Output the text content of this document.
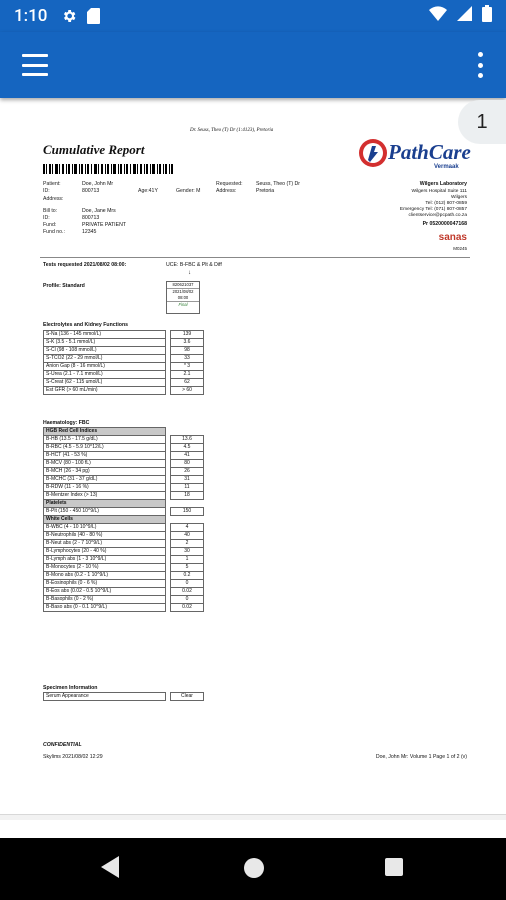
1:10
1
Dr. Seuss, Theo (T) Dr (1:4123), Pretoria
Cumulative Report	PathCare
Vermaak
Patient:	Doe, John Mr
ID:	800713	Age:41Y	Gender: M
Address:
Requested:	Seuss, Theo (T) Dr
Address:	Pretoria
Bill to:	Doe, Jane Mrs
ID:	800713
Fund:	PRIVATE PATIENT
Fund no.:	12345
Wilgers Laboratory
Wilgers Hospital Suite 111
Wilgers
Tel: (012) 807-0859
Emergency Tel: (071) 807-0857
clientservice@pcpath.co.za
Pr 0520000047168
sanas
M0245
Tests requested 2021/08/02 08:00:	UCE: B-FBC & Plt & Diff
Profile: Standard
↓
820621037
2021/08/02
08:00
Final
Electrolytes and Kidney Functions
S-Na (136 - 145 mmol/L)		139
S-K (3.5 - 5.1 mmol/L)		3.6
S-Cl (98 - 108 mmol/L)		98
S-TCO2 (22 - 29 mmol/L)		33
Anion Gap (8 - 16 mmol/L)		* 3
S-Urea (2.1 - 7.1 mmol/L)		2.1
S-Creat (62 - 115 umol/L)		62
Est GFR (> 60 mL/min)		> 60
Haematology: FBC
HGB Red Cell Indices		
B-HB (13.5 - 17.5 g/dL)		13.6
B-RBC (4.5 - 5.9 10^12/L)		4.5
B-HCT (41 - 53 %)		41
B-MCV (80 - 100 fL)		80
B-MCH (26 - 34 pg)		26
B-MCHC (31 - 37 g/dL)		31
B-RDW (11 - 16 %)		11
B-Mentzer Index (> 13)		18
Platelets		
B-Plt (150 - 450 10^9/L)		150
White Cells		
B-WBC (4 - 10 10^9/L)		4
B-Neutrophils (40 - 80 %)		40
B-Neut abs (2 - 7 10^9/L)		2
B-Lymphocytes (20 - 40 %)		30
B-Lymph abs (1 - 3 10^9/L)		1
B-Monocytes (2 - 10 %)		5
B-Mono abs (0.2 - 1 10^9/L)		0.2
B-Eosinophils (0 - 6 %)		0
B-Eos abs (0.02 - 0.5 10^9/L)		0.02
B-Basophils (0 - 2 %)		0
B-Baso abs (0 - 0.1 10^9/L)		0.02
Specimen Information
Serum Appearance		Clear
CONFIDENTIAL
Skylims 2021/08/02 12:29	Doe, John Mr: Volume 1 Page 1 of 2 (v)
